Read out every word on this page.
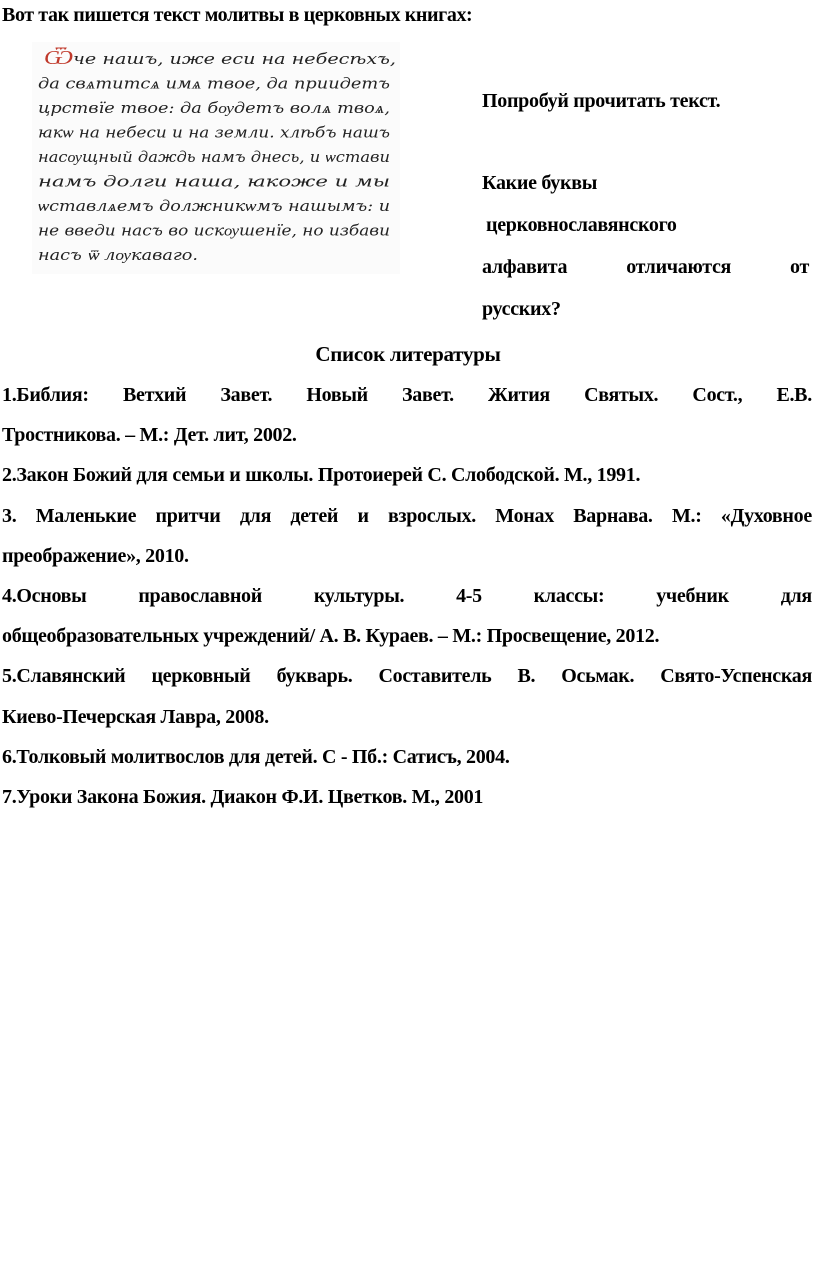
Вот так пишется текст молитвы в церковных книгах:
Ѿ че нашъ, иже еси на небесѣхъ,
да свѧтитсѧ имѧ твое, да приидетъ
црствїе твое: да бѹдетъ волѧ твоѧ,
ꙗкѡ на небеси и на земли. хлѣбъ нашъ
насѹщный даждь намъ днесь, и ѡстави
намъ долги наша, ꙗкоже и мы
ѡставлѧемъ должникѡмъ нашымъ: и
не введи насъ во искѹшенїе, но избави
насъ ѿ лѹкаваго.
Попробуй прочитать текст.
Какие буквы
церковнославянского
алфавита	отличаются	от
русских?
Список литературы
1.Библия: Ветхий Завет. Новый Завет. Жития Святых. Сост., Е.В.
Тростникова. – М.: Дет. лит, 2002.
2.Закон Божий для семьи и школы. Протоиерей С. Слободской. М., 1991.
3. Маленькие притчи для детей и взрослых. Монах Варнава. М.: «Духовное
преображение», 2010.
4.Основы	православной	культуры.	4-5	классы:	учебник	для
общеобразовательных учреждений/ А. В. Кураев. – М.: Просвещение, 2012.
5.Славянский церковный букварь. Составитель В. Осьмак. Свято-Успенская
Киево-Печерская Лавра, 2008.
6.Толковый молитвослов для детей. С - Пб.: Сатисъ, 2004.
7.Уроки Закона Божия. Диакон Ф.И. Цветков. М., 2001
